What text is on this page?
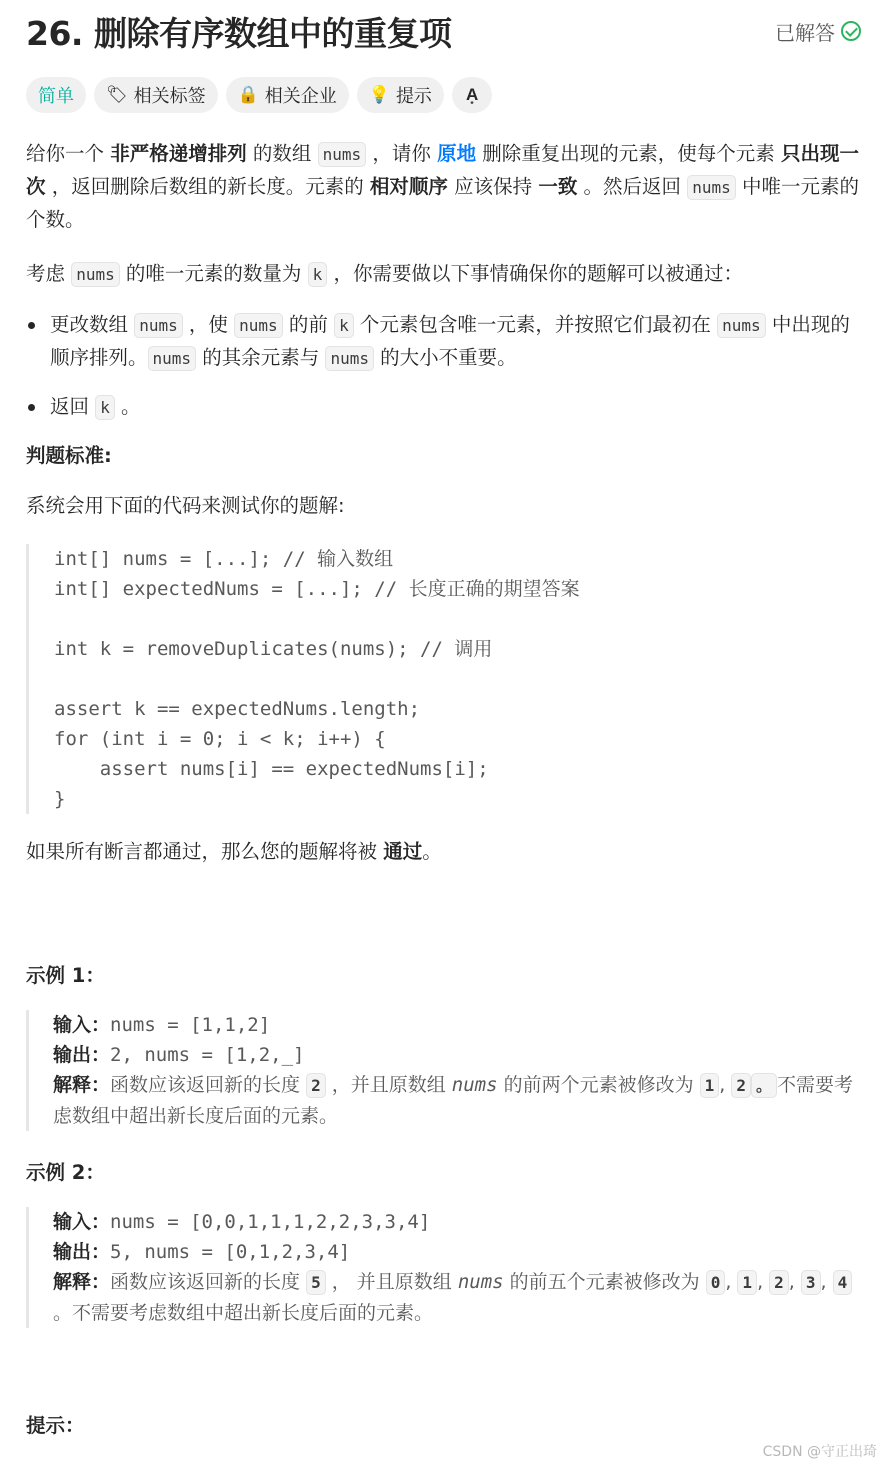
26. 删除有序数组中的重复项	已解答
简单 🏷 相关标签 🔒 相关企业 💡 提示 A͙

给你一个 非严格递增排列 的数组 nums ，请你 原地 删除重复出现的元素，使每个元素 只出现一次 ，返回删除后数组的新长度。元素的 相对顺序 应该保持 一致 。然后返回 nums 中唯一元素的个数。

考虑 nums 的唯一元素的数量为 k ，你需要做以下事情确保你的题解可以被通过：

更改数组 nums ，使 nums 的前 k 个元素包含唯一元素，并按照它们最初在 nums 中出现的顺序排列。 nums 的其余元素与 nums 的大小不重要。
返回 k 。
判题标准:

系统会用下面的代码来测试你的题解:

int[] nums = [...]; // 输入数组
int[] expectedNums = [...]; // 长度正确的期望答案

int k = removeDuplicates(nums); // 调用

assert k == expectedNums.length;
for (int i = 0; i < k; i++) {
assert nums[i] == expectedNums[i];
}

如果所有断言都通过，那么您的题解将被 通过。

示例 1：
输入：nums = [1,1,2]
输出：2, nums = [1,2,_]
解释：函数应该返回新的长度 2 ，并且原数组 nums 的前两个元素被修改为 1 , 2 。 不需要考虑数组中超出新长度后面的元素。
示例 2：
输入：nums = [0,0,1,1,1,2,2,3,3,4]
输出：5, nums = [0,1,2,3,4]
解释：函数应该返回新的长度 5 ， 并且原数组 nums 的前五个元素被修改为 0 , 1 , 2 , 3 , 4 。不需要考虑数组中超出新长度后面的元素。
提示：
CSDN @守正出琦
